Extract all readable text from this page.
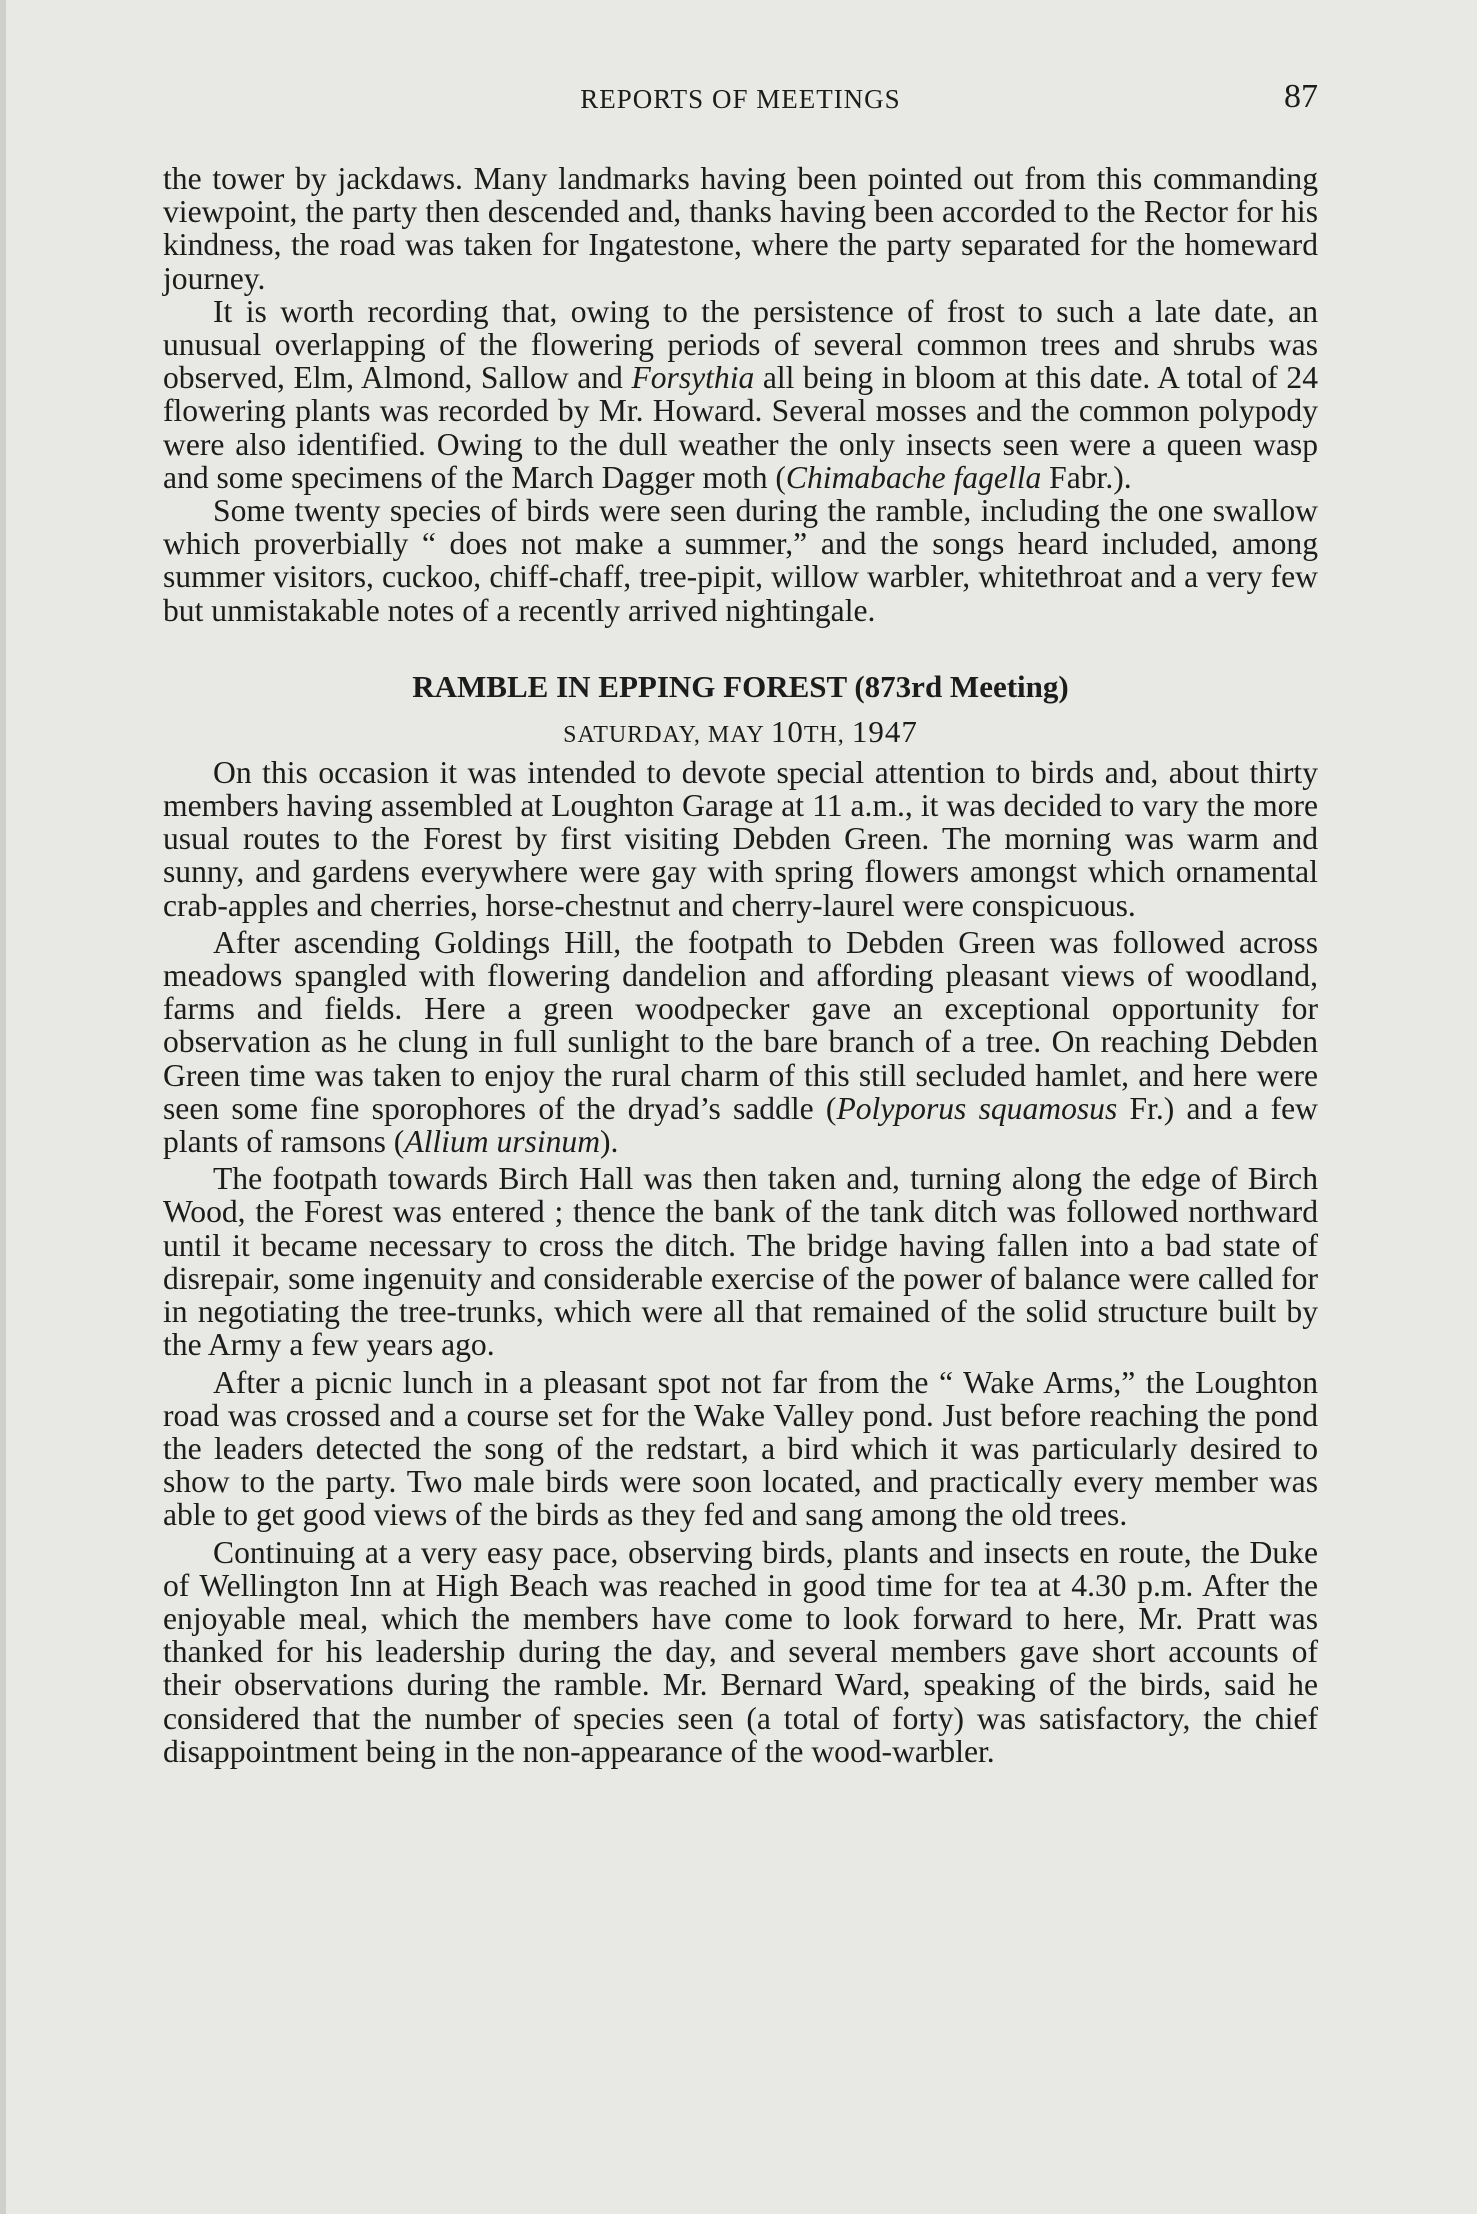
REPORTS OF MEETINGS	87

the tower by jackdaws. Many landmarks having been pointed out from this commanding viewpoint, the party then descended and, thanks having been accorded to the Rector for his kindness, the road was taken for Ingatestone, where the party separated for the homeward journey.

It is worth recording that, owing to the persistence of frost to such a late date, an unusual overlapping of the flowering periods of several common trees and shrubs was observed, Elm, Almond, Sallow and Forsythia all being in bloom at this date. A total of 24 flowering plants was recorded by Mr. Howard. Several mosses and the common polypody were also identified. Owing to the dull weather the only insects seen were a queen wasp and some specimens of the March Dagger moth (Chimabache fagella Fabr.).

Some twenty species of birds were seen during the ramble, including the one swallow which proverbially “ does not make a summer,” and the songs heard included, among summer visitors, cuckoo, chiff-chaff, tree-pipit, willow warbler, whitethroat and a very few but unmistakable notes of a recently arrived nightingale.

RAMBLE IN EPPING FOREST (873rd Meeting)
SATURDAY, MAY 10TH, 1947

On this occasion it was intended to devote special attention to birds and, about thirty members having assembled at Loughton Garage at 11 a.m., it was decided to vary the more usual routes to the Forest by first visiting Debden Green. The morning was warm and sunny, and gardens everywhere were gay with spring flowers amongst which ornamental crab-apples and cherries, horse-chestnut and cherry-laurel were conspicuous.

After ascending Goldings Hill, the footpath to Debden Green was followed across meadows spangled with flowering dandelion and affording pleasant views of woodland, farms and fields. Here a green woodpecker gave an exceptional opportunity for observation as he clung in full sunlight to the bare branch of a tree. On reaching Debden Green time was taken to enjoy the rural charm of this still secluded hamlet, and here were seen some fine sporophores of the dryad’s saddle (Polyporus squamosus Fr.) and a few plants of ramsons (Allium ursinum).

The footpath towards Birch Hall was then taken and, turning along the edge of Birch Wood, the Forest was entered ; thence the bank of the tank ditch was followed northward until it became necessary to cross the ditch. The bridge having fallen into a bad state of disrepair, some ingenuity and considerable exercise of the power of balance were called for in negotiating the tree-trunks, which were all that remained of the solid structure built by the Army a few years ago.

After a picnic lunch in a pleasant spot not far from the “ Wake Arms,” the Loughton road was crossed and a course set for the Wake Valley pond. Just before reaching the pond the leaders detected the song of the redstart, a bird which it was particularly desired to show to the party. Two male birds were soon located, and practically every member was able to get good views of the birds as they fed and sang among the old trees.

Continuing at a very easy pace, observing birds, plants and insects en route, the Duke of Wellington Inn at High Beach was reached in good time for tea at 4.30 p.m. After the enjoyable meal, which the members have come to look forward to here, Mr. Pratt was thanked for his leadership during the day, and several members gave short accounts of their observations during the ramble. Mr. Bernard Ward, speaking of the birds, said he considered that the number of species seen (a total of forty) was satisfactory, the chief disappointment being in the non-appearance of the wood-warbler.
